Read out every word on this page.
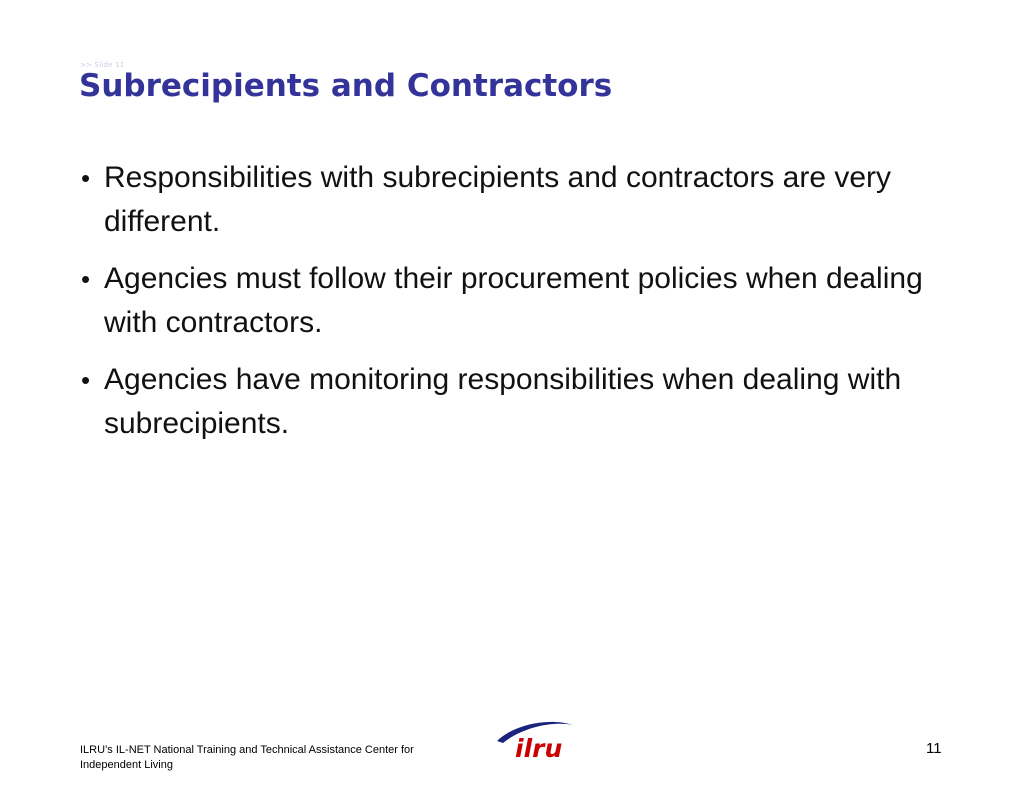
>> Slide 11
Subrecipients and Contractors
• Responsibilities with subrecipients and contractors are very different.
• Agencies must follow their procurement policies when dealing with contractors.
• Agencies have monitoring responsibilities when dealing with subrecipients.
ILRU’s IL-NET National Training and Technical Assistance Center for Independent Living
ilru	11
